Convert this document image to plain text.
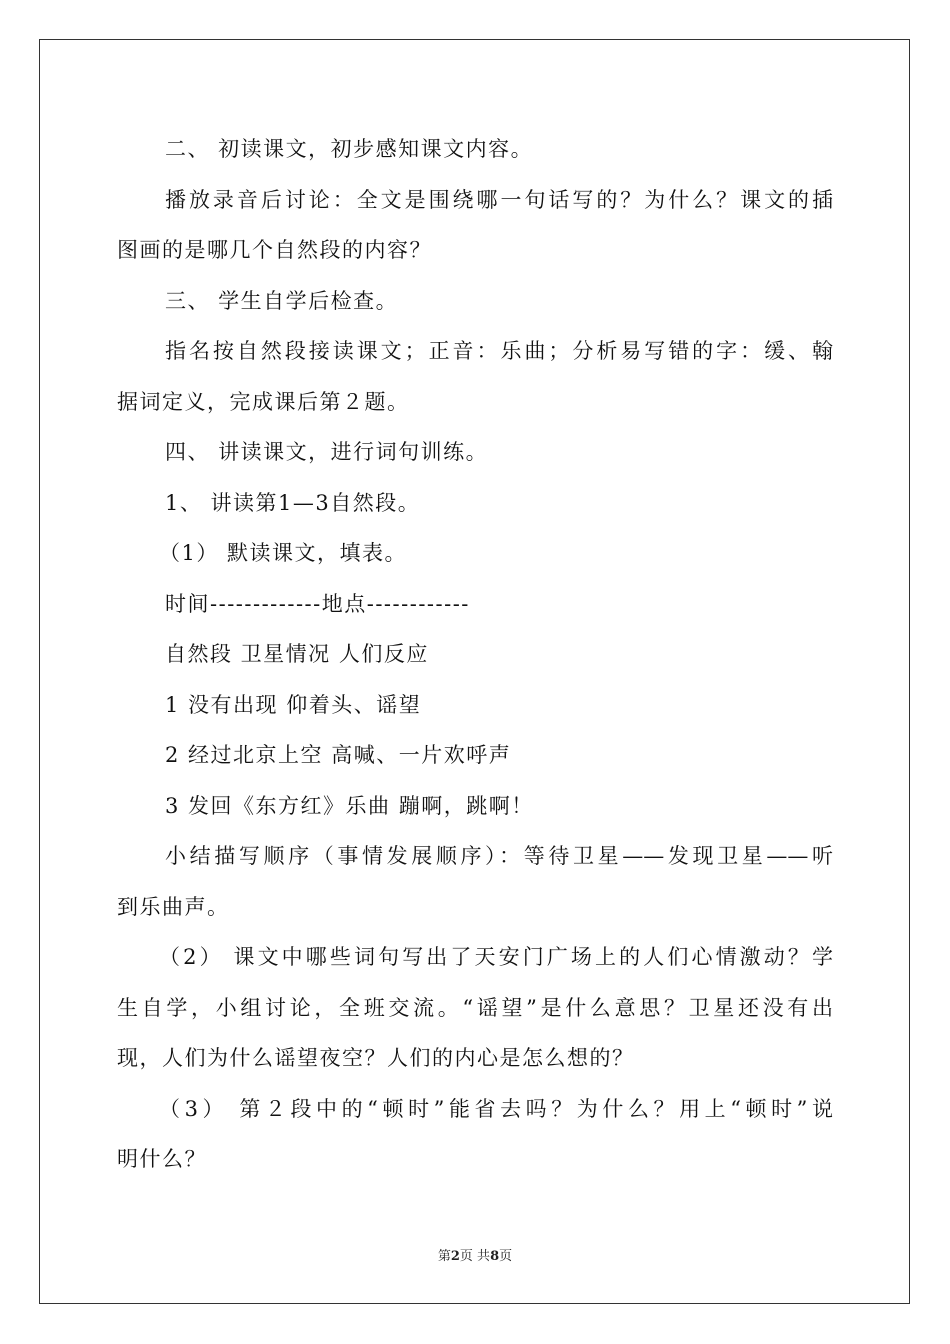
二、 初读课文，初步感知课文内容。
播放录音后讨论：全文是围绕哪一句话写的？为什么？课文的插
图画的是哪几个自然段的内容？
三、 学生自学后检查。
指名按自然段接读课文；正音：乐曲；分析易写错的字：缓、翰
据词定义，完成课后第２题。
四、 讲读课文，进行词句训练。
1、 讲读第1—3自然段。
（1） 默读课文，填表。
时间-------------地点------------
自然段 卫星情况 人们反应
1 没有出现 仰着头、谣望
2 经过北京上空 高喊、一片欢呼声
3 发回《东方红》乐曲 蹦啊，跳啊！
小结描写顺序（事情发展顺序）：等待卫星——发现卫星——听
到乐曲声。
（2） 课文中哪些词句写出了天安门广场上的人们心情激动？学
生自学，小组讨论，全班交流。“谣望”是什么意思？卫星还没有出
现，人们为什么谣望夜空？人们的内心是怎么想的？
（3） 第２段中的“顿时”能省去吗？为什么？用上“顿时”说
明什么？
第2页 共8页
